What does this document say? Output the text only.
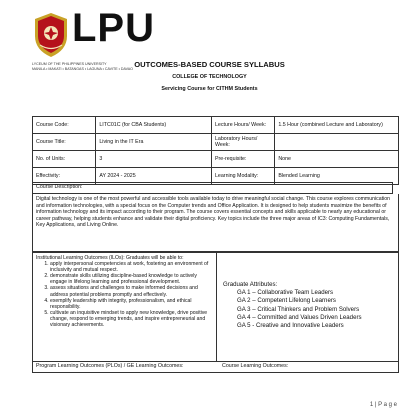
LPU
LYCEUM OF THE PHILIPPINES UNIVERSITY
MANILA • MAKATI • BATANGAS • LAGUNA • CAVITE • DAVAO OUTCOMES-BASED COURSE SYLLABUS
COLLEGE OF TECHNOLOGY
Servicing Course for CITHM Students
Course Code:	LITC01C (for CBA Students)	Lecture Hours/ Week:	1.5 Hour (combined Lecture and Laboratory)
Course Title:	Living in the IT Era	Laboratory Hours/ Week:	
No. of Units:	3	Pre-requisite:	None
Effectivity:	AY 2024 - 2025	Learning Modality:	Blended Learning
Course Description:
Digital technology is one of the most powerful and accessible tools available today to drive meaningful social change. This course explores communication and information technologies, with a special focus on the Computer trends and Office Application. It is designed to help students maximize the benefits of information technology and its impact according to their program. The course covers essential concepts and skills applicable to nearly any educational or career pathway, helping students enhance and validate their digital proficiency. Key topics include the three major areas of IC3: Computing Fundamentals, Key Applications, and Living Online.
Institutional Learning Outcomes (ILOs): Graduates will be able to:
1. apply interpersonal competencies at work, fostering an environment of inclusivity and mutual respect.
2. demonstrate skills utilizing discipline-based knowledge to actively engage in lifelong learning and professional development.
3. assess situations and challenges to make informed decisions and address potential problems promptly and effectively.
4. exemplify leadership with integrity, professionalism, and ethical responsibility.
5. cultivate an inquisitive mindset to apply new knowledge, drive positive change, respond to emerging trends, and inspire entrepreneurial and visionary achievements.
Graduate Attributes:
GA 1 – Collaborative Team Leaders
GA 2 – Competent Lifelong Learners
GA 3 – Critical Thinkers and Problem Solvers
GA 4 – Committed and Values Driven Leaders
GA 5 - Creative and Innovative Leaders
Program Learning Outcomes (PLOs) / GE Learning Outcomes:	Course Learning Outcomes:
1 | P a g e
